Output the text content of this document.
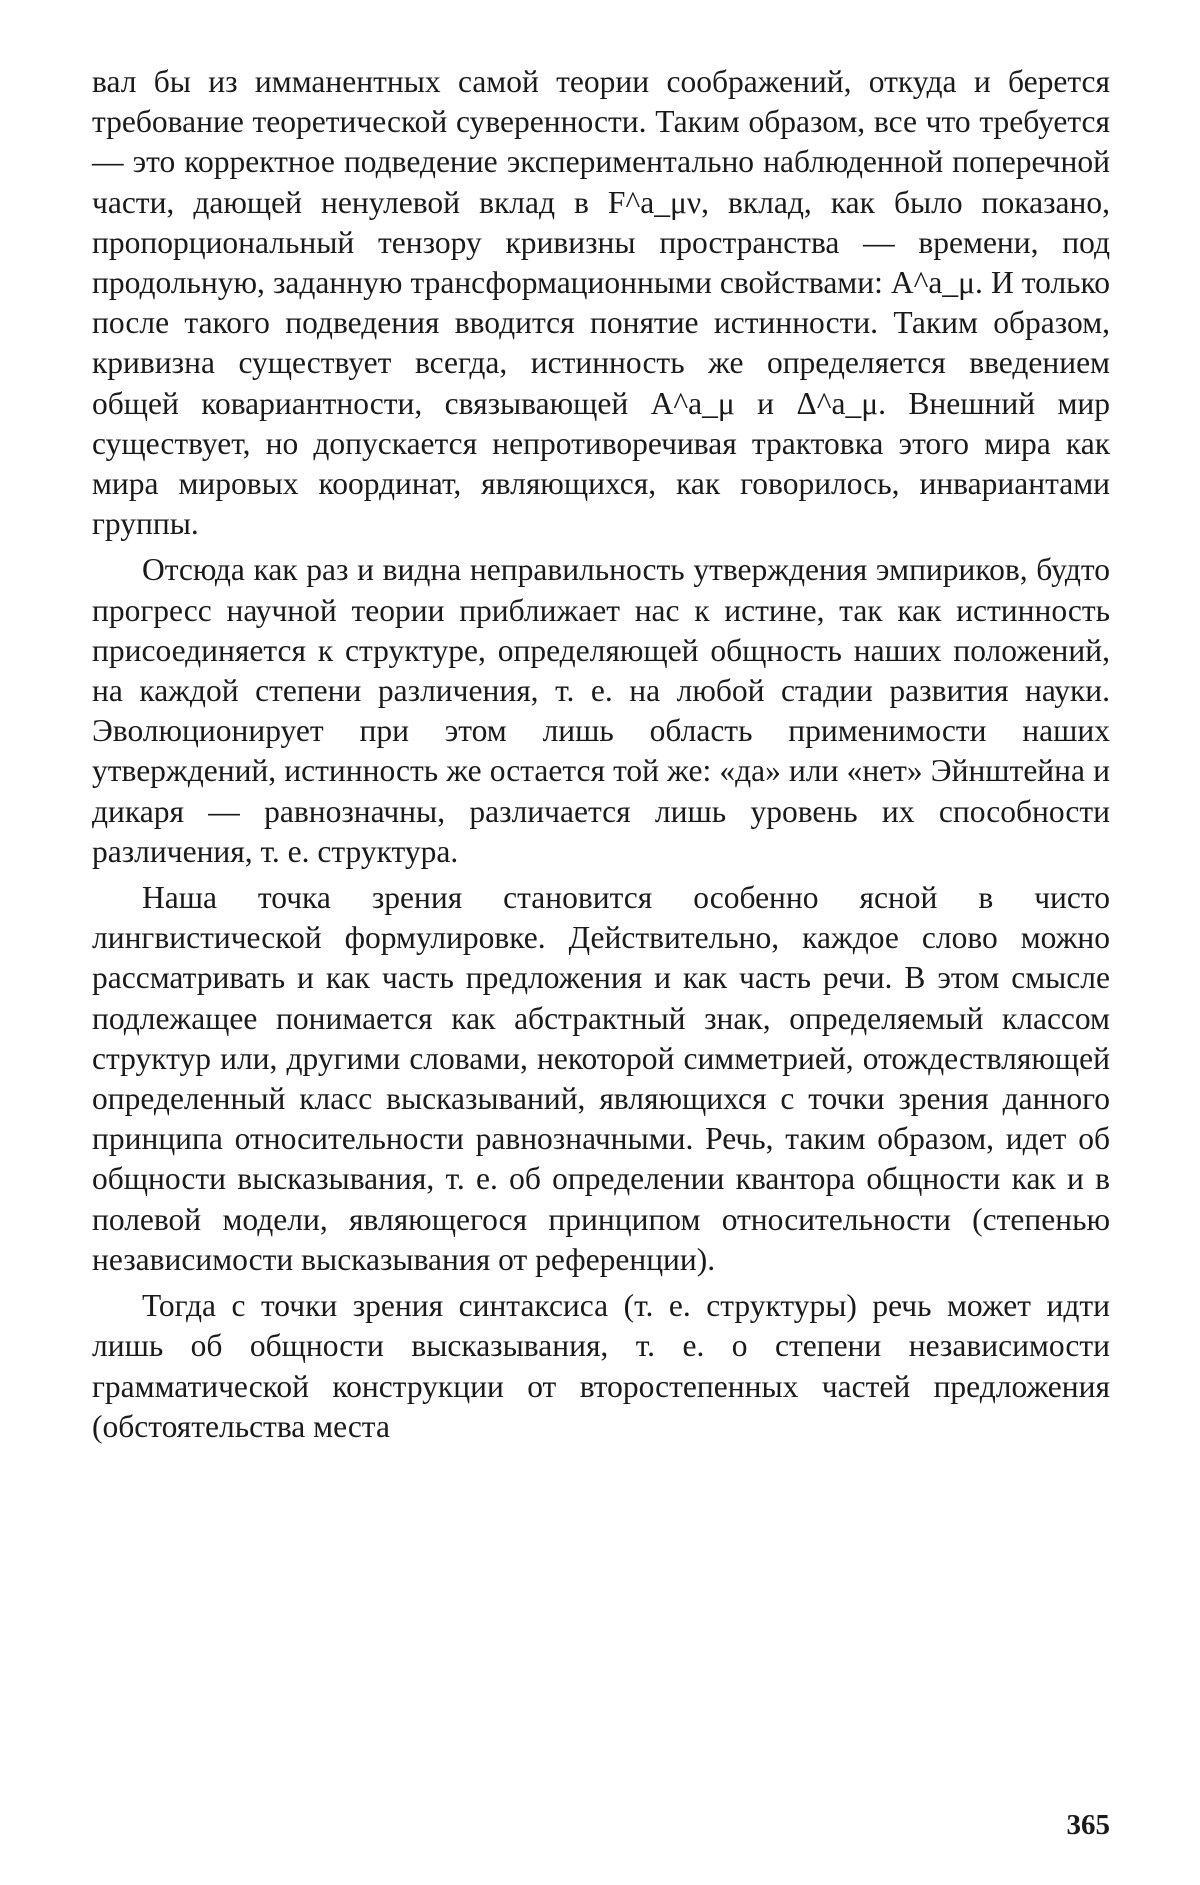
вал бы из имманентных самой теории соображений, откуда и берется требование теоретической суверенности. Таким образом, все что требуется — это корректное подведение экспериментально наблюденной поперечной части, дающей ненулевой вклад в F^a_μν, вклад, как было показано, пропорциональный тензору кривизны пространства — времени, под продольную, заданную трансформационными свойствами: A^a_μ. И только после такого подведения вводится понятие истинности. Таким образом, кривизна существует всегда, истинность же определяется введением общей ковариантности, связывающей A^a_μ и Δ^a_μ. Внешний мир существует, но допускается непротиворечивая трактовка этого мира как мира мировых координат, являющихся, как говорилось, инвариантами группы.

Отсюда как раз и видна неправильность утверждения эмпириков, будто прогресс научной теории приближает нас к истине, так как истинность присоединяется к структуре, определяющей общность наших положений, на каждой степени различения, т. е. на любой стадии развития науки. Эволюционирует при этом лишь область применимости наших утверждений, истинность же остается той же: «да» или «нет» Эйнштейна и дикаря — равнозначны, различается лишь уровень их способности различения, т. е. структура.

Наша точка зрения становится особенно ясной в чисто лингвистической формулировке. Действительно, каждое слово можно рассматривать и как часть предложения и как часть речи. В этом смысле подлежащее понимается как абстрактный знак, определяемый классом структур или, другими словами, некоторой симметрией, отождествляющей определенный класс высказываний, являющихся с точки зрения данного принципа относительности равнозначными. Речь, таким образом, идет об общности высказывания, т. е. об определении квантора общности как и в полевой модели, являющегося принципом относительности (степенью независимости высказывания от референции).

Тогда с точки зрения синтаксиса (т. е. структуры) речь может идти лишь об общности высказывания, т. е. о степени независимости грамматической конструкции от второстепенных частей предложения (обстоятельства места

365
